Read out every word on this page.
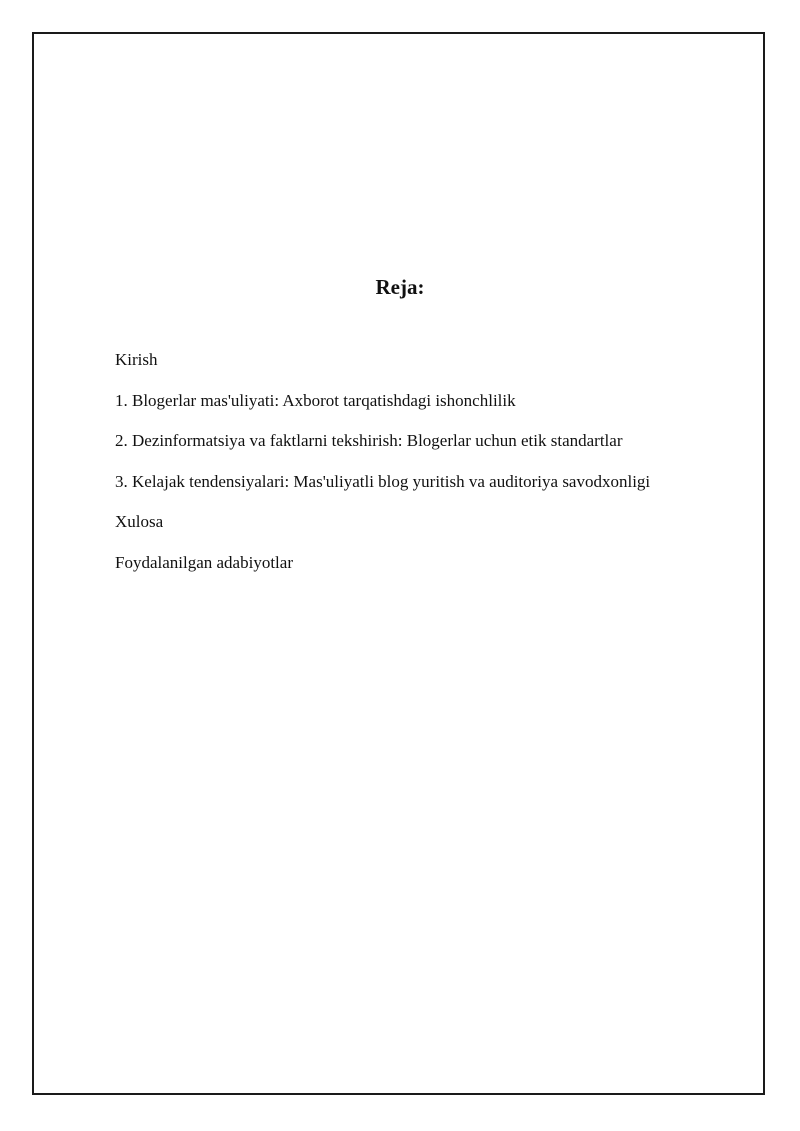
Reja:
Kirish
1. Blogerlar mas'uliyati: Axborot tarqatishdagi ishonchlilik
2. Dezinformatsiya va faktlarni tekshirish: Blogerlar uchun etik standartlar
3. Kelajak tendensiyalari: Mas'uliyatli blog yuritish va auditoriya savodxonligi
Xulosa
Foydalanilgan adabiyotlar
